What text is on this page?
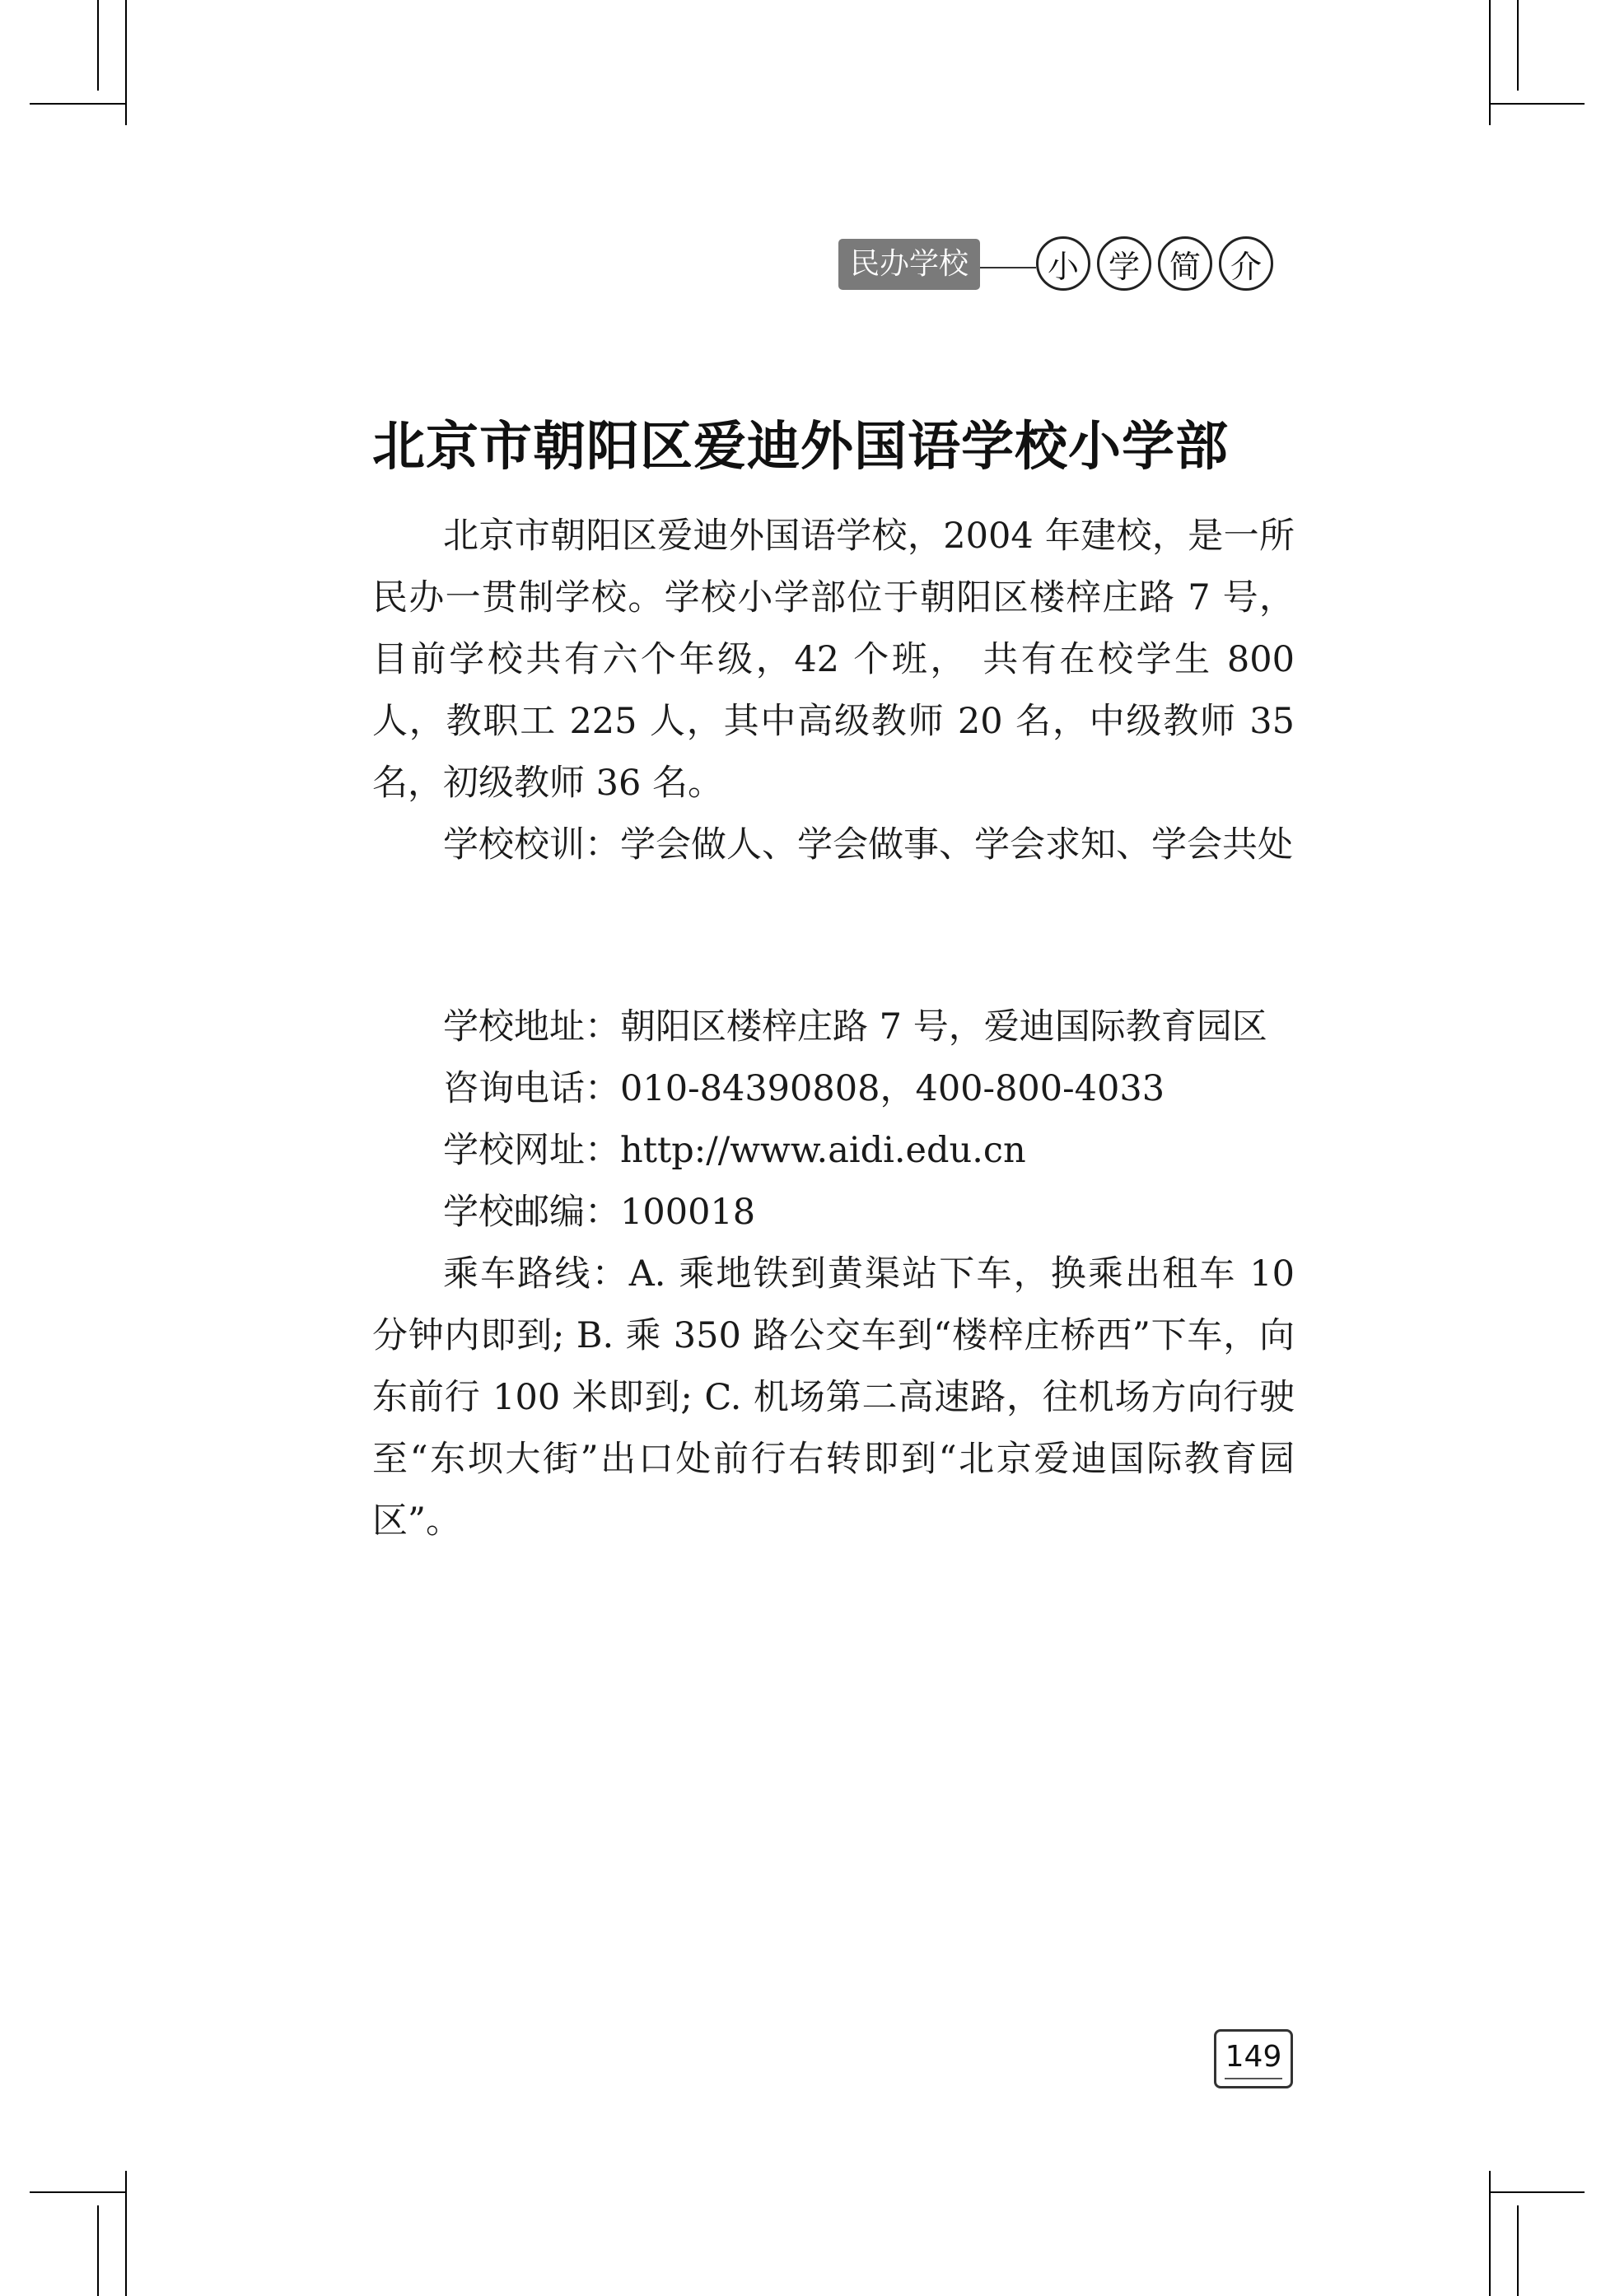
民办学校	小 学 简 介
北京市朝阳区爱迪外国语学校小学部

北京市朝阳区爱迪外国语学校，2004 年建校，是一所民办一贯制学校。学校小学部位于朝阳区楼梓庄路 7 号，目前学校共有六个年级，42 个班， 共有在校学生 800 人，教职工 225 人，其中高级教师 20 名，中级教师 35 名，初级教师 36 名。

学校校训：学会做人、学会做事、学会求知、学会共处

学校地址：朝阳区楼梓庄路 7 号，爱迪国际教育园区

咨询电话：010-84390808，400-800-4033

学校网址：http://www.aidi.edu.cn

学校邮编：100018

乘车路线：A. 乘地铁到黄渠站下车，换乘出租车 10 分钟内即到; B. 乘 350 路公交车到“楼梓庄桥西”下车，向东前行 100 米即到; C. 机场第二高速路，往机场方向行驶至“东坝大街”出口处前行右转即到“北京爱迪国际教育园区”。

149
